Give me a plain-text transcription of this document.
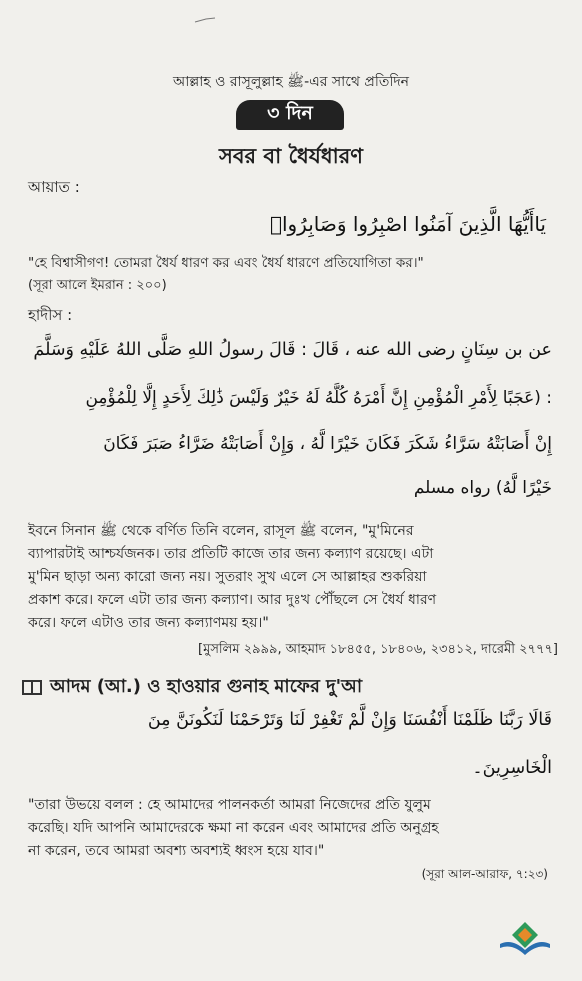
আল্লাহ ও রাসূলুল্লাহ ﷺ-এর সাথে প্রতিদিন
৩ দিন
সবর বা ধৈর্যধারণ
আয়াত :
يَاأَيُّهَا الَّذِينَ آمَنُوا اصْبِرُوا وَصَابِرُوا۟
"হে বিশ্বাসীগণ! তোমরা ধৈর্য ধারণ কর এবং ধৈর্য ধারণে প্রতিযোগিতা কর।"
(সূরা আলে ইমরান : ২০০)
হাদীস :
عن بن سِنَانٍ رضى الله عنه ، قَالَ : قَالَ رسولُ اللهِ صَلَّى اللهُ عَلَيْهِ وَسَلَّمَ
: (عَجَبًا لِأَمْرِ الْمُؤْمِنِ إِنَّ أَمْرَهُ كُلَّهُ لَهُ خَيْرٌ وَلَيْسَ ذَٰلِكَ لِأَحَدٍ إِلَّا لِلْمُؤْمِنِ
إِنْ أَصَابَتْهُ سَرَّاءُ شَكَرَ فَكَانَ خَيْرًا لَّهُ ، وَإِنْ أَصَابَتْهُ ضَرَّاءُ صَبَرَ فَكَانَ
خَيْرًا لَّهُ) رواه مسلم
ইবনে সিনান ﷺ থেকে বর্ণিত তিনি বলেন, রাসূল ﷺ বলেন, "মু'মিনের
ব্যাপারটাই আশ্চর্যজনক। তার প্রতিটি কাজে তার জন্য কল্যাণ রয়েছে। এটা
মু'মিন ছাড়া অন্য কারো জন্য নয়। সুতরাং সুখ এলে সে আল্লাহর শুকরিয়া
প্রকাশ করে। ফলে এটা তার জন্য কল্যাণ। আর দুঃখ পৌঁছলে সে ধৈর্য ধারণ
করে। ফলে এটাও তার জন্য কল্যাণময় হয়।"
[মুসলিম ২৯৯৯, আহমাদ ১৮৪৫৫, ১৮৪০৬, ২৩৪১২, দারেমী ২৭৭৭]
আদম (আ.) ও হাওয়ার গুনাহ মাফের দু'আ
قَالَا رَبَّنَا ظَلَمْنَا أَنْفُسَنَا وَإِنْ لَّمْ تَغْفِرْ لَنَا وَتَرْحَمْنَا لَنَكُونَنَّ مِنَ
الْخَاسِرِينَ۔
"তারা উভয়ে বলল : হে আমাদের পালনকর্তা আমরা নিজেদের প্রতি যুলুম
করেছি। যদি আপনি আমাদেরকে ক্ষমা না করেন এবং আমাদের প্রতি অনুগ্রহ
না করেন, তবে আমরা অবশ্য অবশ্যই ধ্বংস হয়ে যাব।"
(সূরা আল-আরাফ, ৭:২৩)
